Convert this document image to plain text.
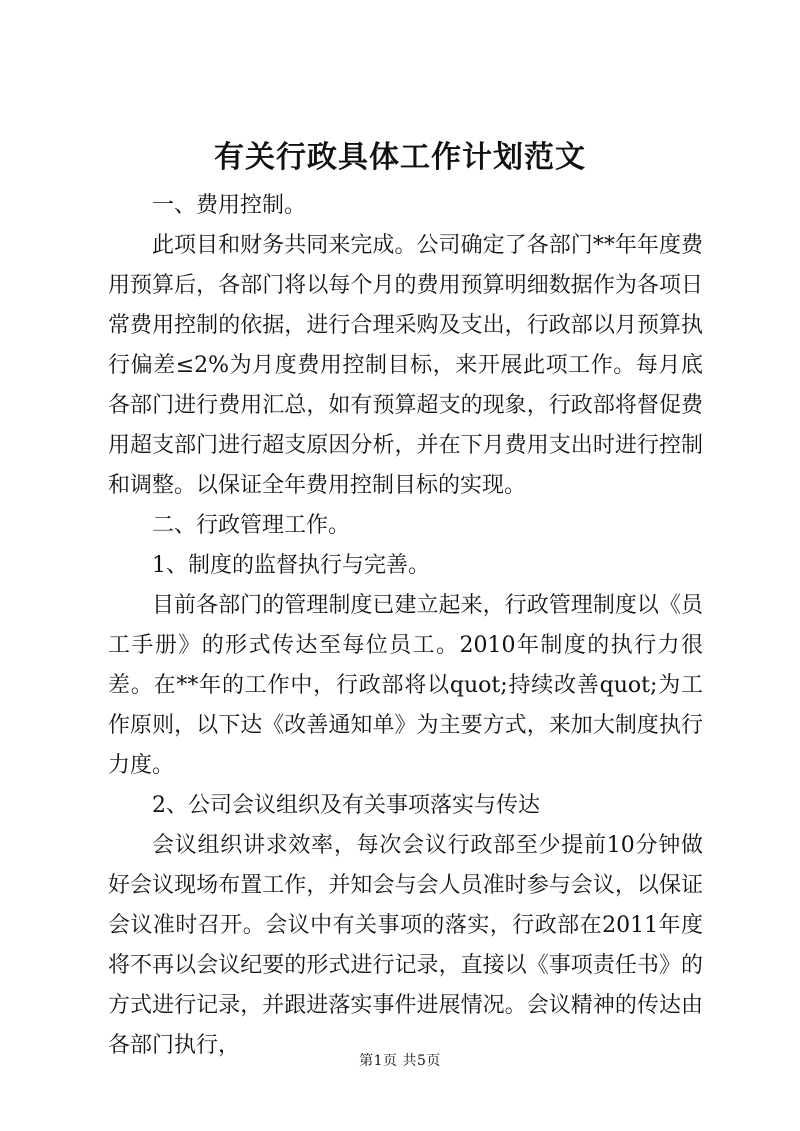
有关行政具体工作计划范文

一、费用控制。

此项目和财务共同来完成。公司确定了各部门**年年度费用预算后，各部门将以每个月的费用预算明细数据作为各项日常费用控制的依据，进行合理采购及支出，行政部以月预算执行偏差≤2%为月度费用控制目标，来开展此项工作。每月底各部门进行费用汇总，如有预算超支的现象，行政部将督促费用超支部门进行超支原因分析，并在下月费用支出时进行控制和调整。以保证全年费用控制目标的实现。

二、行政管理工作。

1、制度的监督执行与完善。

目前各部门的管理制度已建立起来，行政管理制度以《员工手册》的形式传达至每位员工。2010年制度的执行力很差。在**年的工作中，行政部将以quot;持续改善quot;为工作原则，以下达《改善通知单》为主要方式，来加大制度执行力度。

2、公司会议组织及有关事项落实与传达

会议组织讲求效率，每次会议行政部至少提前10分钟做好会议现场布置工作，并知会与会人员准时参与会议，以保证会议准时召开。会议中有关事项的落实，行政部在2011年度将不再以会议纪要的形式进行记录，直接以《事项责任书》的方式进行记录，并跟进落实事件进展情况。会议精神的传达由各部门执行，

第1页 共5页
